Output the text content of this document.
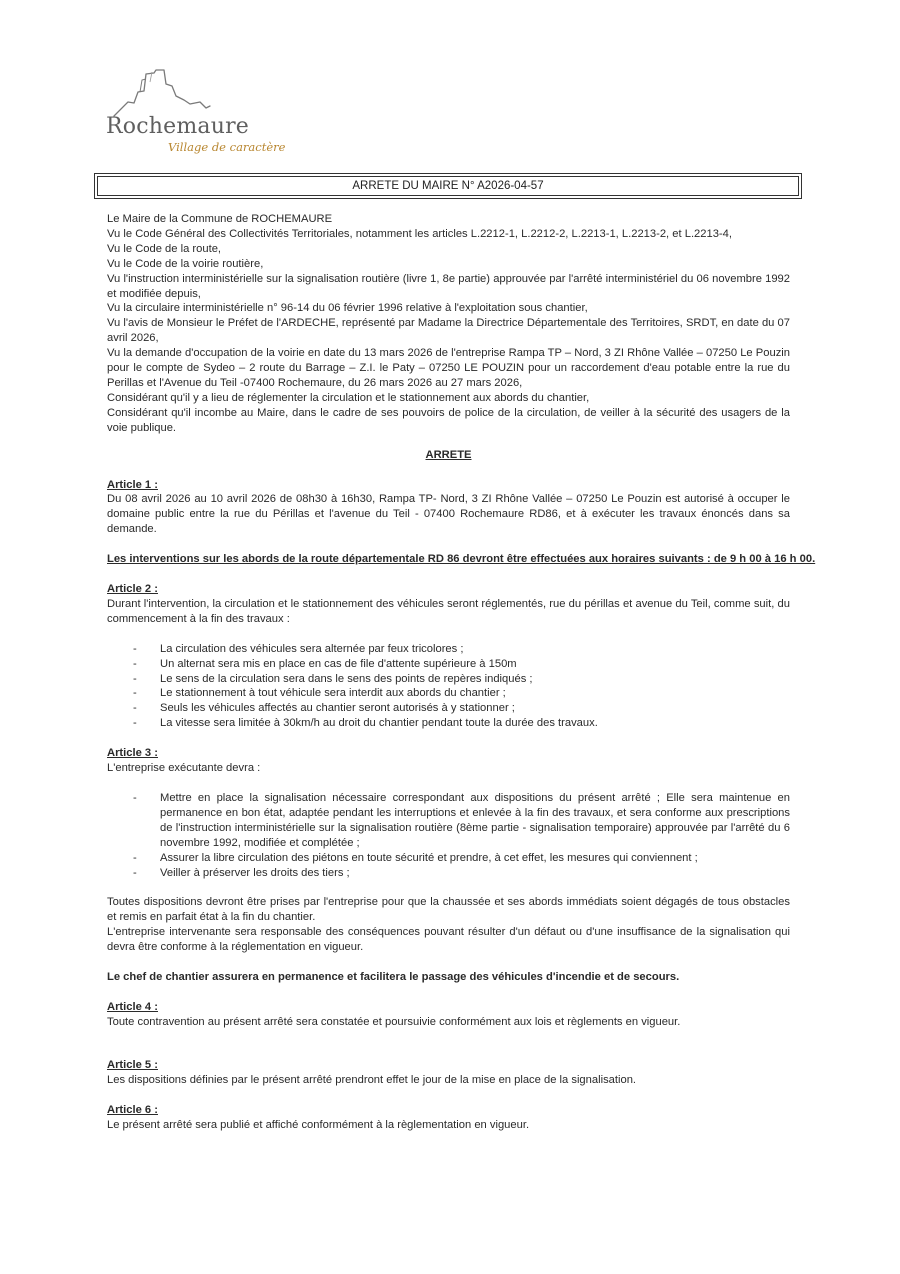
Rochemaure
Village de caractère
ARRETE DU MAIRE N° A2026-04-57
Le Maire de la Commune de ROCHEMAURE
Vu le Code Général des Collectivités Territoriales, notamment les articles L.2212-1, L.2212-2, L.2213-1, L.2213-2, et L.2213-4,
Vu le Code de la route,
Vu le Code de la voirie routière,
Vu l'instruction interministérielle sur la signalisation routière (livre 1, 8e partie) approuvée par l'arrêté interministériel du 06 novembre 1992 et modifiée depuis,
Vu la circulaire interministérielle n° 96-14 du 06 février 1996 relative à l'exploitation sous chantier,
Vu l'avis de Monsieur le Préfet de l'ARDECHE, représenté par Madame la Directrice Départementale des Territoires, SRDT, en date du 07 avril 2026,
Vu la demande d'occupation de la voirie en date du 13 mars 2026 de l'entreprise Rampa TP – Nord, 3 ZI Rhône Vallée – 07250 Le Pouzin pour le compte de Sydeo – 2 route du Barrage – Z.I. le Paty – 07250 LE POUZIN pour un raccordement d'eau potable entre la rue du Perillas et l'Avenue du Teil -07400 Rochemaure, du 26 mars 2026 au 27 mars 2026,
Considérant qu'il y a lieu de réglementer la circulation et le stationnement aux abords du chantier,
Considérant qu'il incombe au Maire, dans le cadre de ses pouvoirs de police de la circulation, de veiller à la sécurité des usagers de la voie publique.
ARRETE
Article 1 :
Du 08 avril 2026 au 10 avril 2026 de 08h30 à 16h30, Rampa TP- Nord, 3 ZI Rhône Vallée – 07250 Le Pouzin est autorisé à occuper le domaine public entre la rue du Périllas et l'avenue du Teil - 07400 Rochemaure RD86, et à exécuter les travaux énoncés dans sa demande.
Les interventions sur les abords de la route départementale RD 86 devront être effectuées aux horaires suivants : de 9 h 00 à 16 h 00.
Article 2 :
Durant l'intervention, la circulation et le stationnement des véhicules seront réglementés, rue du périllas et avenue du Teil, comme suit, du commencement à la fin des travaux :
- La circulation des véhicules sera alternée par feux tricolores ;
- Un alternat sera mis en place en cas de file d'attente supérieure à 150m
- Le sens de la circulation sera dans le sens des points de repères indiqués ;
- Le stationnement à tout véhicule sera interdit aux abords du chantier ;
- Seuls les véhicules affectés au chantier seront autorisés à y stationner ;
- La vitesse sera limitée à 30km/h au droit du chantier pendant toute la durée des travaux.
Article 3 :
L'entreprise exécutante devra :
- Mettre en place la signalisation nécessaire correspondant aux dispositions du présent arrêté ; Elle sera maintenue en permanence en bon état, adaptée pendant les interruptions et enlevée à la fin des travaux, et sera conforme aux prescriptions de l'instruction interministérielle sur la signalisation routière (8ème partie - signalisation temporaire) approuvée par l'arrêté du 6 novembre 1992, modifiée et complétée ;
- Assurer la libre circulation des piétons en toute sécurité et prendre, à cet effet, les mesures qui conviennent ;
- Veiller à préserver les droits des tiers ;
Toutes dispositions devront être prises par l'entreprise pour que la chaussée et ses abords immédiats soient dégagés de tous obstacles et remis en parfait état à la fin du chantier.
L'entreprise intervenante sera responsable des conséquences pouvant résulter d'un défaut ou d'une insuffisance de la signalisation qui devra être conforme à la réglementation en vigueur.
Le chef de chantier assurera en permanence et facilitera le passage des véhicules d'incendie et de secours.
Article 4 :
Toute contravention au présent arrêté sera constatée et poursuivie conformément aux lois et règlements en vigueur.
Article 5 :
Les dispositions définies par le présent arrêté prendront effet le jour de la mise en place de la signalisation.
Article 6 :
Le présent arrêté sera publié et affiché conformément à la règlementation en vigueur.
